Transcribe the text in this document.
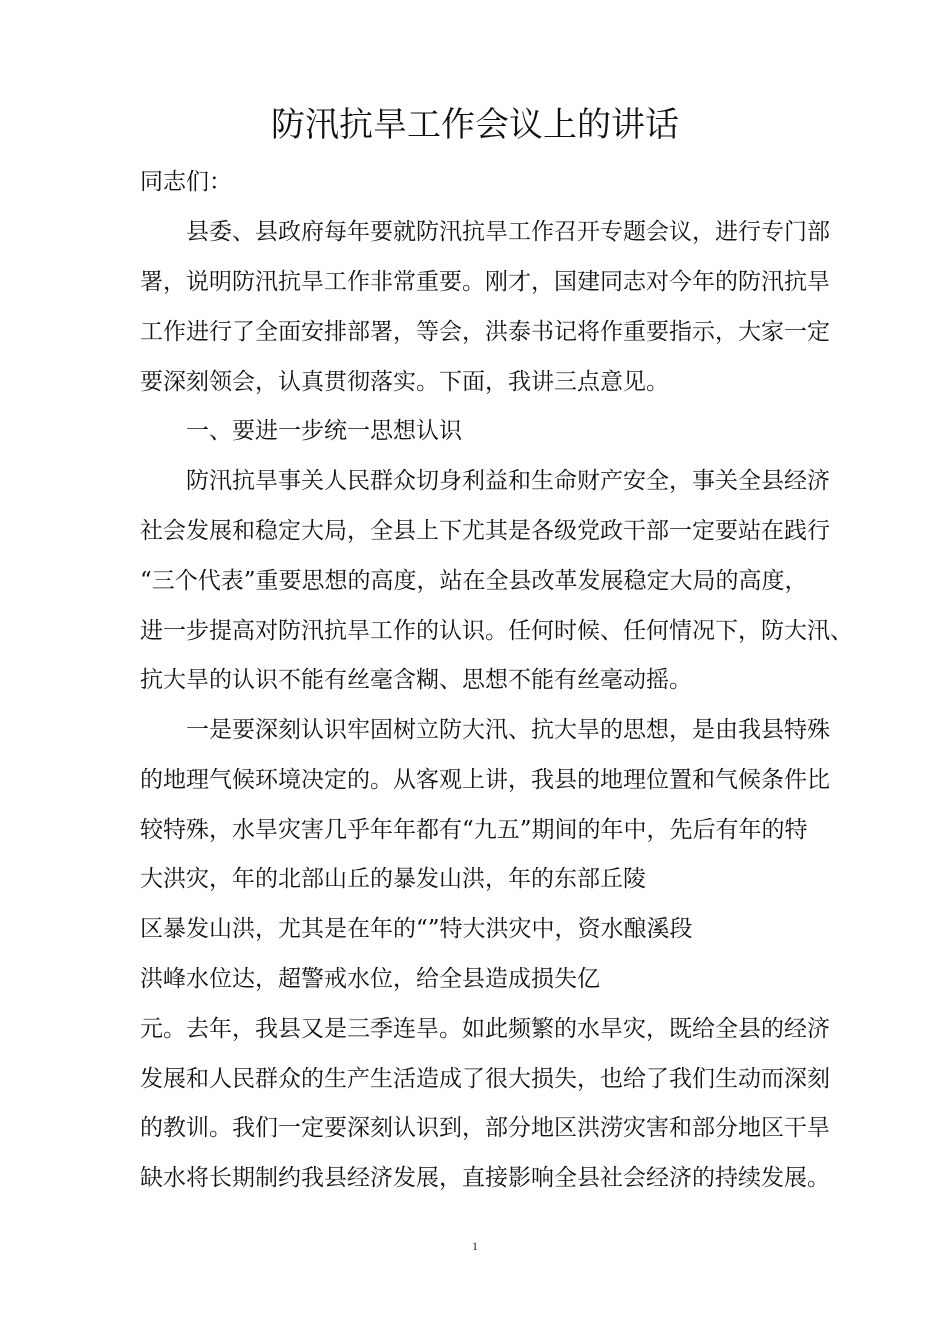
防汛抗旱工作会议上的讲话
同志们：
县委、县政府每年要就防汛抗旱工作召开专题会议，进行专门部
署，说明防汛抗旱工作非常重要。刚才，国建同志对今年的防汛抗旱
工作进行了全面安排部署，等会，洪泰书记将作重要指示，大家一定
要深刻领会，认真贯彻落实。下面，我讲三点意见。
一、要进一步统一思想认识
防汛抗旱事关人民群众切身利益和生命财产安全，事关全县经济
社会发展和稳定大局，全县上下尤其是各级党政干部一定要站在践行
“三个代表”重要思想的高度，站在全县改革发展稳定大局的高度，
进一步提高对防汛抗旱工作的认识。任何时候、任何情况下，防大汛、
抗大旱的认识不能有丝毫含糊、思想不能有丝毫动摇。
一是要深刻认识牢固树立防大汛、抗大旱的思想，是由我县特殊
的地理气候环境决定的。从客观上讲，我县的地理位置和气候条件比
较特殊，水旱灾害几乎年年都有“九五”期间的年中，先后有年的特
大洪灾，年的北部山丘的暴发山洪，年的东部丘陵
区暴发山洪，尤其是在年的“”特大洪灾中，资水酿溪段
洪峰水位达，超警戒水位，给全县造成损失亿
元。去年，我县又是三季连旱。如此频繁的水旱灾，既给全县的经济
发展和人民群众的生产生活造成了很大损失，也给了我们生动而深刻
的教训。我们一定要深刻认识到，部分地区洪涝灾害和部分地区干旱
缺水将长期制约我县经济发展，直接影响全县社会经济的持续发展。
1
